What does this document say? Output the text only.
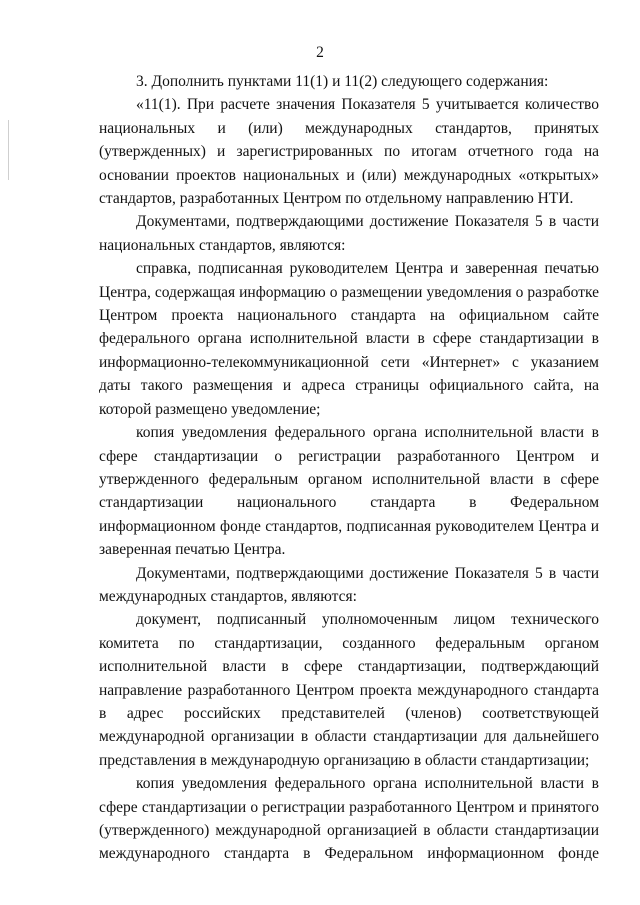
2

3. Дополнить пунктами 11(1) и 11(2) следующего содержания:

«11(1). При расчете значения Показателя 5 учитывается количество национальных и (или) международных стандартов, принятых (утвержденных) и зарегистрированных по итогам отчетного года на основании проектов национальных и (или) международных «открытых» стандартов, разработанных Центром по отдельному направлению НТИ.

Документами, подтверждающими достижение Показателя 5 в части национальных стандартов, являются:

справка, подписанная руководителем Центра и заверенная печатью Центра, содержащая информацию о размещении уведомления о разработке Центром проекта национального стандарта на официальном сайте федерального органа исполнительной власти в сфере стандартизации в информационно-телекоммуникационной сети «Интернет» с указанием даты такого размещения и адреса страницы официального сайта, на которой размещено уведомление;

копия уведомления федерального органа исполнительной власти в сфере стандартизации о регистрации разработанного Центром и утвержденного федеральным органом исполнительной власти в сфере стандартизации национального стандарта в Федеральном информационном фонде стандартов, подписанная руководителем Центра и заверенная печатью Центра.

Документами, подтверждающими достижение Показателя 5 в части международных стандартов, являются:

документ, подписанный уполномоченным лицом технического комитета по стандартизации, созданного федеральным органом исполнительной власти в сфере стандартизации, подтверждающий направление разработанного Центром проекта международного стандарта в адрес российских представителей (членов) соответствующей международной организации в области стандартизации для дальнейшего представления в международную организацию в области стандартизации;

копия уведомления федерального органа исполнительной власти в сфере стандартизации о регистрации разработанного Центром и принятого (утвержденного) международной организацией в области стандартизации международного стандарта в Федеральном информационном фонде
